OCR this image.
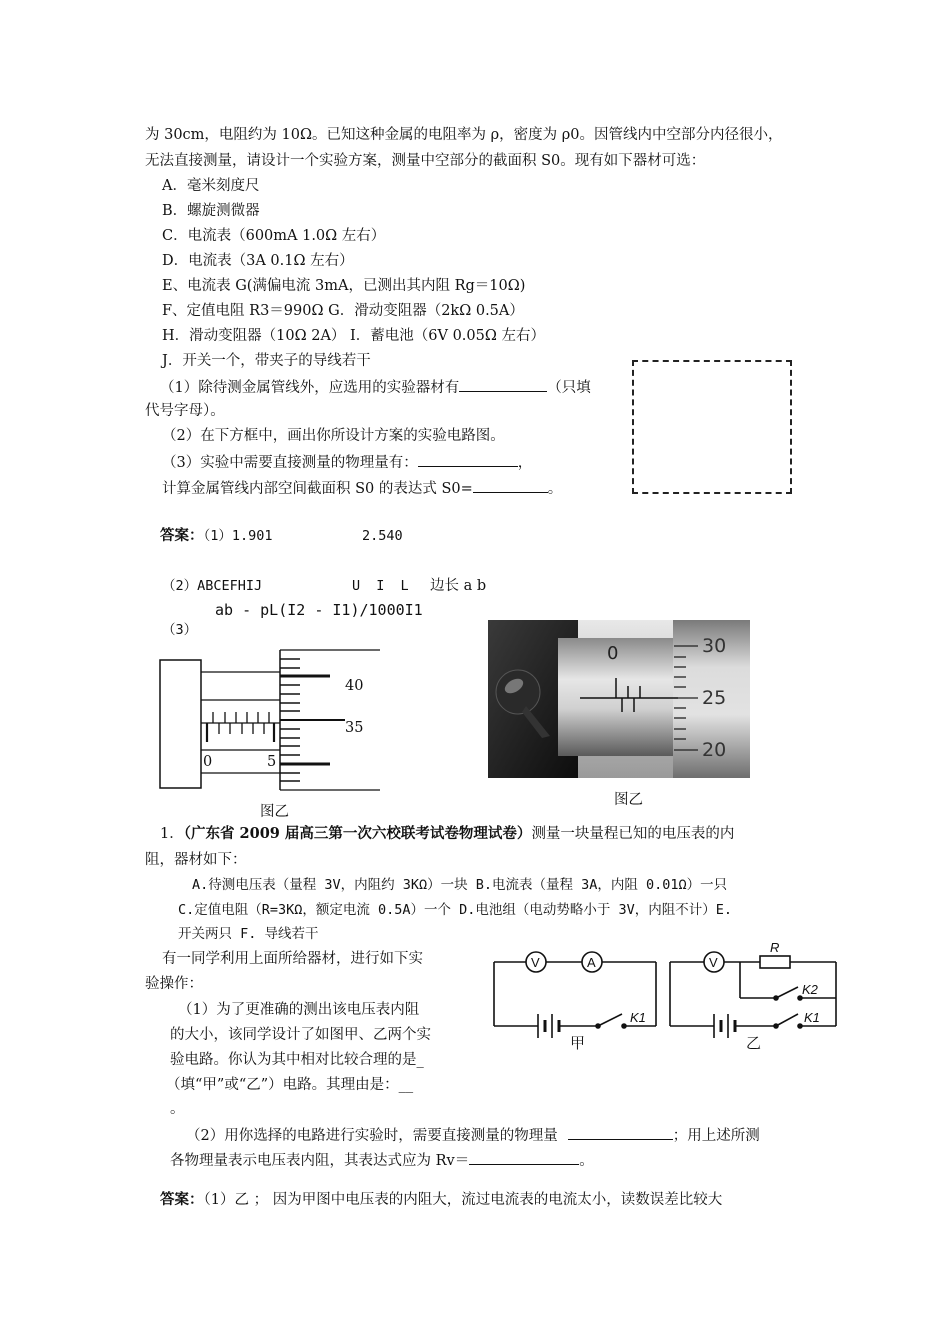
为 30cm，电阻约为 10Ω。已知这种金属的电阻率为 ρ，密度为 ρ0。因管线内中空部分内径很小，
无法直接测量，请设计一个实验方案，测量中空部分的截面积 S0。现有如下器材可选：
A．毫米刻度尺
B．螺旋测微器
C．电流表（600mA 1.0Ω 左右）
D．电流表（3A 0.1Ω 左右）
E、电流表 G(满偏电流 3mA，已测出其内阻 Rg＝10Ω)
F、定值电阻 R3＝990Ω G．滑动变阻器（2kΩ 0.5A）
H．滑动变阻器（10Ω 2A） I．蓄电池（6V 0.05Ω 左右）
J．开关一个，带夹子的导线若干
（1）除待测金属管线外，应选用的实验器材有	（只填
代号字母）。
（2）在下方框中，画出你所设计方案的实验电路图。
（3）实验中需要直接测量的物理量有：	，
计算金属管线内部空间截面积 S0 的表达式 S0=	。
答案：（1）1.901	2.540
（2）ABCEFHIJ	U I L 边长 a b
ab - pL(I2 - I1)/1000I1
（3）
40
35
0	5
图乙
0	30
25
20
图乙
1．（广东省 2009 届高三第一次六校联考试卷物理试卷）测量一块量程已知的电压表的内
阻，器材如下：
A.待测电压表（量程 3V，内阻约 3KΩ）一块 B.电流表（量程 3A，内阻 0.01Ω）一只
C.定值电阻（R=3KΩ，额定电流 0.5A）一个 D.电池组（电动势略小于 3V，内阻不计）E.
开关两只 F. 导线若干
有一同学利用上面所给器材，进行如下实
验操作：
（1）为了更准确的测出该电压表内阻
的大小，该同学设计了如图甲、乙两个实
验电路。你认为其中相对比较合理的是_
（填“甲”或“乙”）电路。其理由是：__
。
（2）用你选择的电路进行实验时，需要直接测量的物理量	；用上述所测
各物理量表示电压表内阻，其表达式应为 Rv＝	。
V	A
K1
甲
V
R
K2
K1
乙
答案：（1）乙 ； 因为甲图中电压表的内阻大，流过电流表的电流太小，读数误差比较大
